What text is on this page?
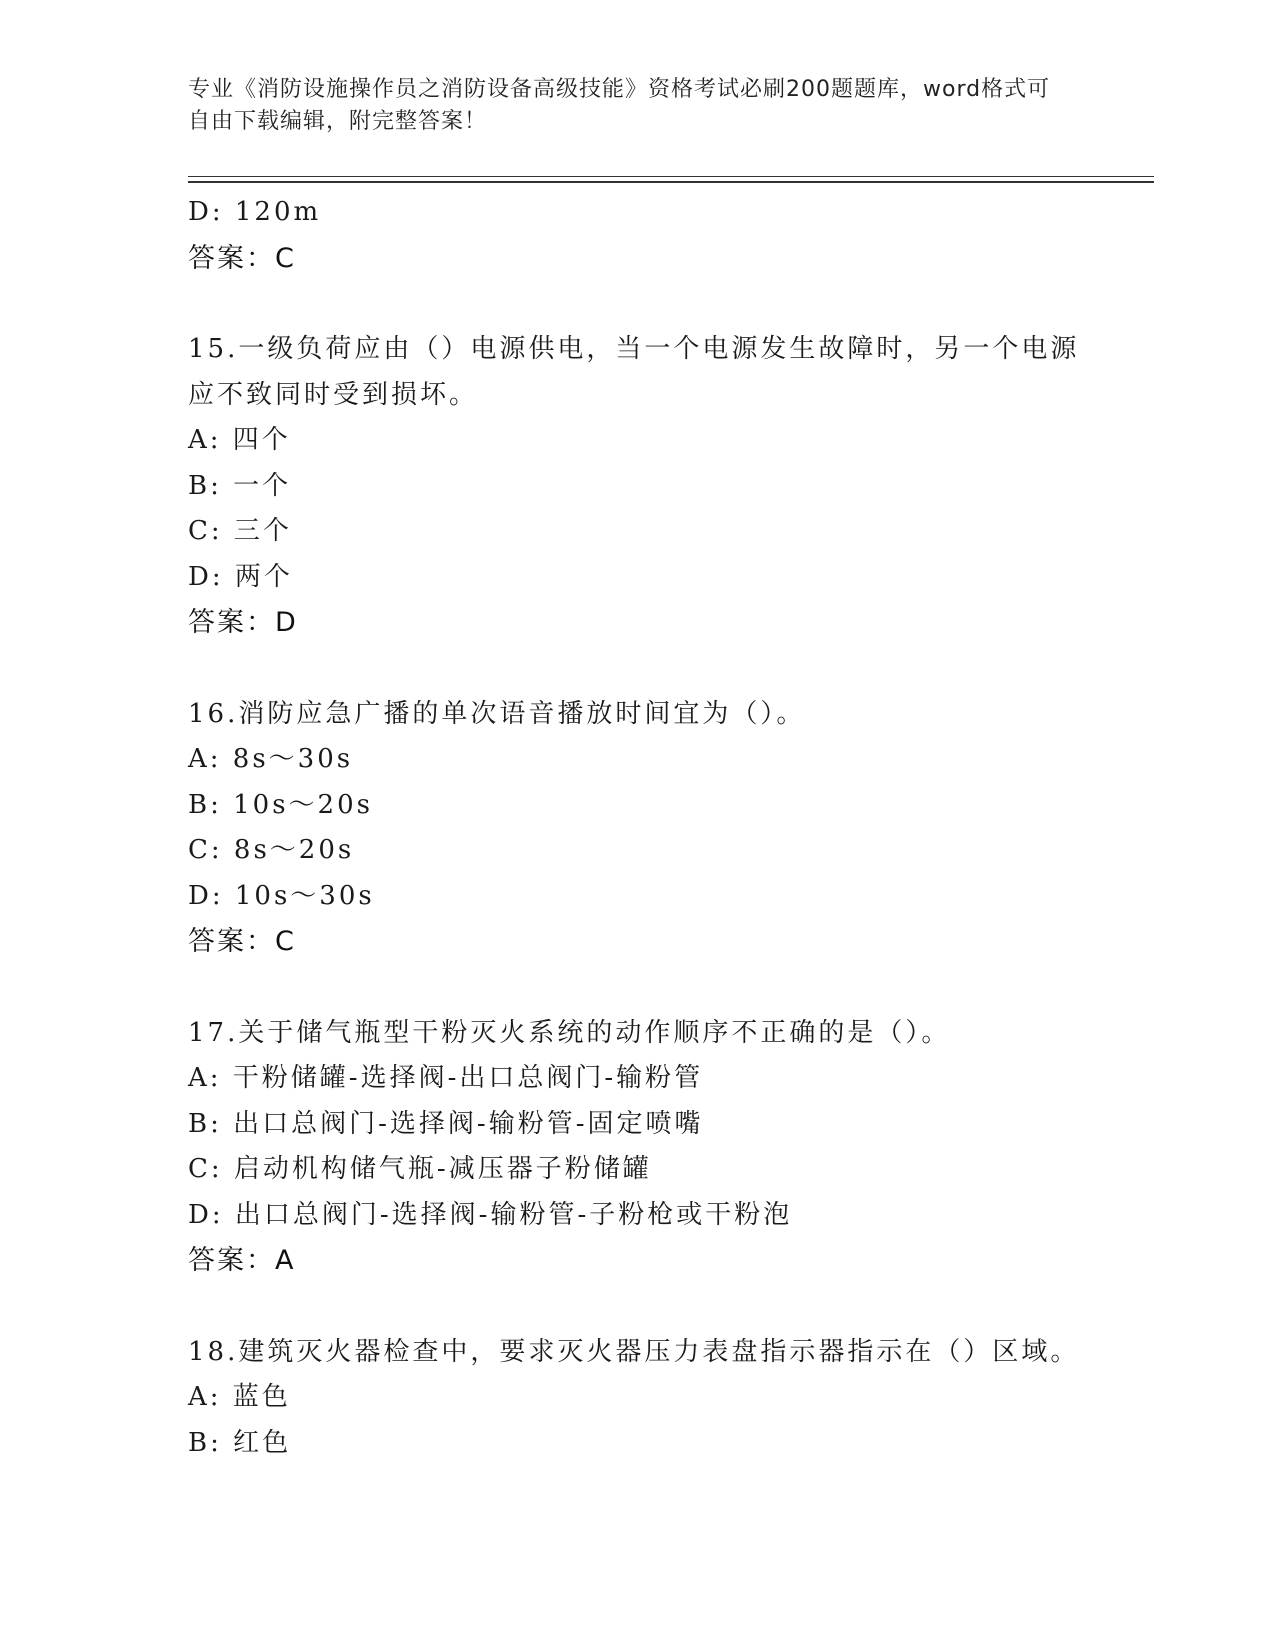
专业《消防设施操作员之消防设备高级技能》资格考试必刷200题题库，word格式可自由下载编辑，附完整答案！
D: 120m
答案：C
15.一级负荷应由（）电源供电，当一个电源发生故障时，另一个电源应不致同时受到损坏。
A: 四个
B: 一个
C: 三个
D: 两个
答案：D
16.消防应急广播的单次语音播放时间宜为（）。
A: 8s～30s
B: 10s～20s
C: 8s～20s
D: 10s～30s
答案：C
17.关于储气瓶型干粉灭火系统的动作顺序不正确的是（）。
A: 干粉储罐-选择阀-出口总阀门-输粉管
B: 出口总阀门-选择阀-输粉管-固定喷嘴
C: 启动机构储气瓶-减压器子粉储罐
D: 出口总阀门-选择阀-输粉管-子粉枪或干粉泡
答案：A
18.建筑灭火器检查中，要求灭火器压力表盘指示器指示在（）区域。
A: 蓝色
B: 红色
